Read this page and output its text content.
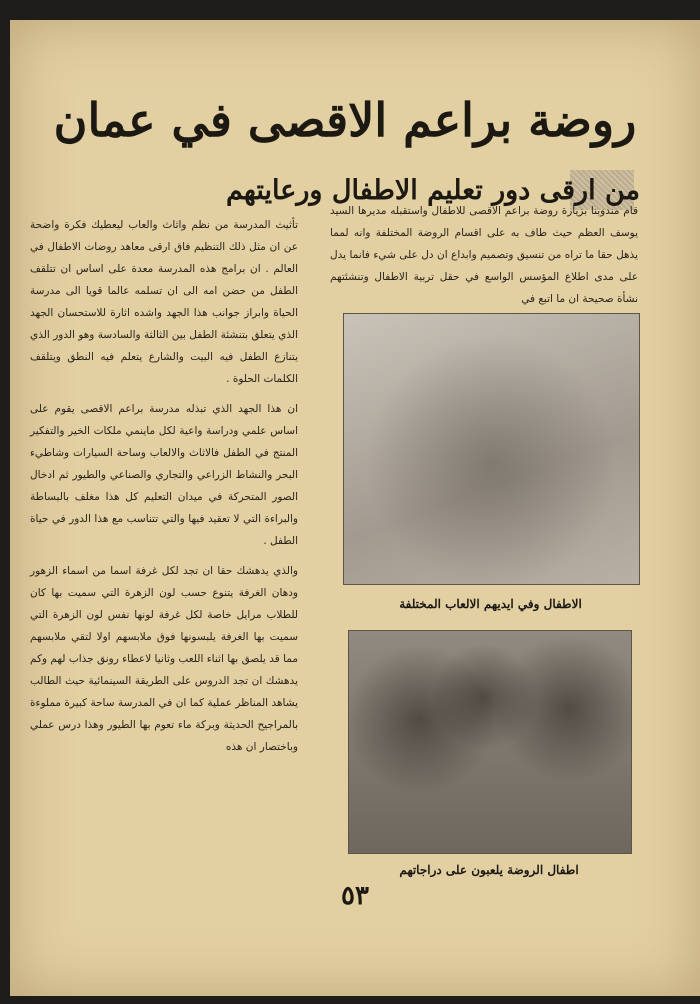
روضة براعم الاقصى في عمان
من ارقى دور تعليم الاطفال ورعايتهم

قام مندوبنا بزيارة روضة براعم الاقصى للاطفال واستقبله مديرها السيد يوسف العظم حيث طاف به على اقسام الروضة المختلفة وانه لمما يذهل حقا ما تراه من تنسيق وتصميم وابداع ان دل على شيء فانما يدل على مدى اطلاع المؤسس الواسع في حقل تربية الاطفال وتنشئتهم نشأة صحيحة ان ما اتبع في

تأثيث المدرسة من نظم واثاث والعاب ليعطيك فكرة واضحة عن ان مثل ذلك التنظيم فاق ارقى معاهد روضات الاطفال في العالم . ان برامج هذه المدرسة معدة على اساس ان تتلقف الطفل من حضن امه الى ان تسلمه عالما قويا الى مدرسة الحياة وابراز جوانب هذا الجهد واشده اثارة للاستحسان الجهد الذي يتعلق بتنشئة الطفل بين الثالثة والسادسة وهو الدور الذي يتنازع الطفل فيه البيت والشارع يتعلم فيه النطق ويتلقف الكلمات الحلوة .

ان هذا الجهد الذي تبذله مدرسة براعم الاقصى يقوم على اساس علمي ودراسة واعية لكل ماينمي ملكات الخير والتفكير المنتج في الطفل فالاثاث والالعاب وساحة السيارات وشاطيء البحر والنشاط الزراعي والتجاري والصناعي والطيور ثم ادخال الصور المتحركة في ميدان التعليم كل هذا مغلف بالبساطة والبراءة التي لا تعقيد فيها والتي تتناسب مع هذا الدور في حياة الطفل .

والذي يدهشك حقا ان تجد لكل غرفة اسما من اسماء الزهور ودهان الغرفة يتنوع حسب لون الزهرة التي سميت بها كان للطلاب مرايل خاصة لكل غرفة لونها نفس لون الزهرة التي سميت بها الغرفة يلبسونها فوق ملابسهم اولا لتقي ملابسهم مما قد يلصق بها اثناء اللعب وثانيا لاعطاء رونق جذاب لهم وكم يدهشك ان تجد الدروس على الطريقة السينمائية حيث الطالب يشاهد المناظر عملية كما ان في المدرسة ساحة كبيرة مملوءة بالمراجيح الحديثة وبركة ماء تعوم بها الطيور وهذا درس عملي وباختصار ان هذه

الاطفال وفي ايديهم الالعاب المختلفة
اطفال الروضة يلعبون على دراجاتهم
٥٣
